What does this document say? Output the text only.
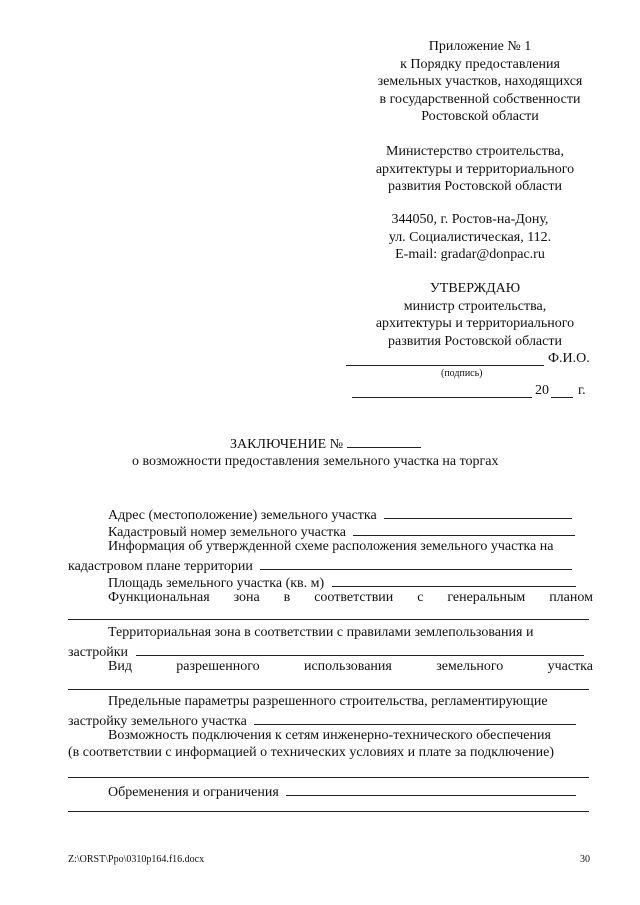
Приложение № 1
к Порядку предоставления
земельных участков, находящихся
в государственной собственности
Ростовской области
Министерство строительства,
архитектуры и территориального
развития Ростовской области
344050, г. Ростов-на-Дону,
ул. Социалистическая, 112.
E-mail: gradar@donpac.ru
УТВЕРЖДАЮ
министр строительства,
архитектуры и территориального
развития Ростовской области
Ф.И.О.
(подпись)
20 г.
ЗАКЛЮЧЕНИЕ №
о возможности предоставления земельного участка на торгах
Адрес (местоположение) земельного участка
Кадастровый номер земельного участка
Информация об утвержденной схеме расположения земельного участка на
кадастровом плане территории
Площадь земельного участка (кв. м)
Функциональная зона в соответствии с генеральным планом
Территориальная зона в соответствии с правилами землепользования и
застройки
Вид	разрешенного	использования	земельного	участка
Предельные параметры разрешенного строительства, регламентирующие
застройку земельного участка
Возможность подключения к сетям инженерно-технического обеспечения
(в соответствии с информацией о технических условиях и плате за подключение)
Обременения и ограничения
Z:\ORST\Ppo\0310p164.f16.docx	30
